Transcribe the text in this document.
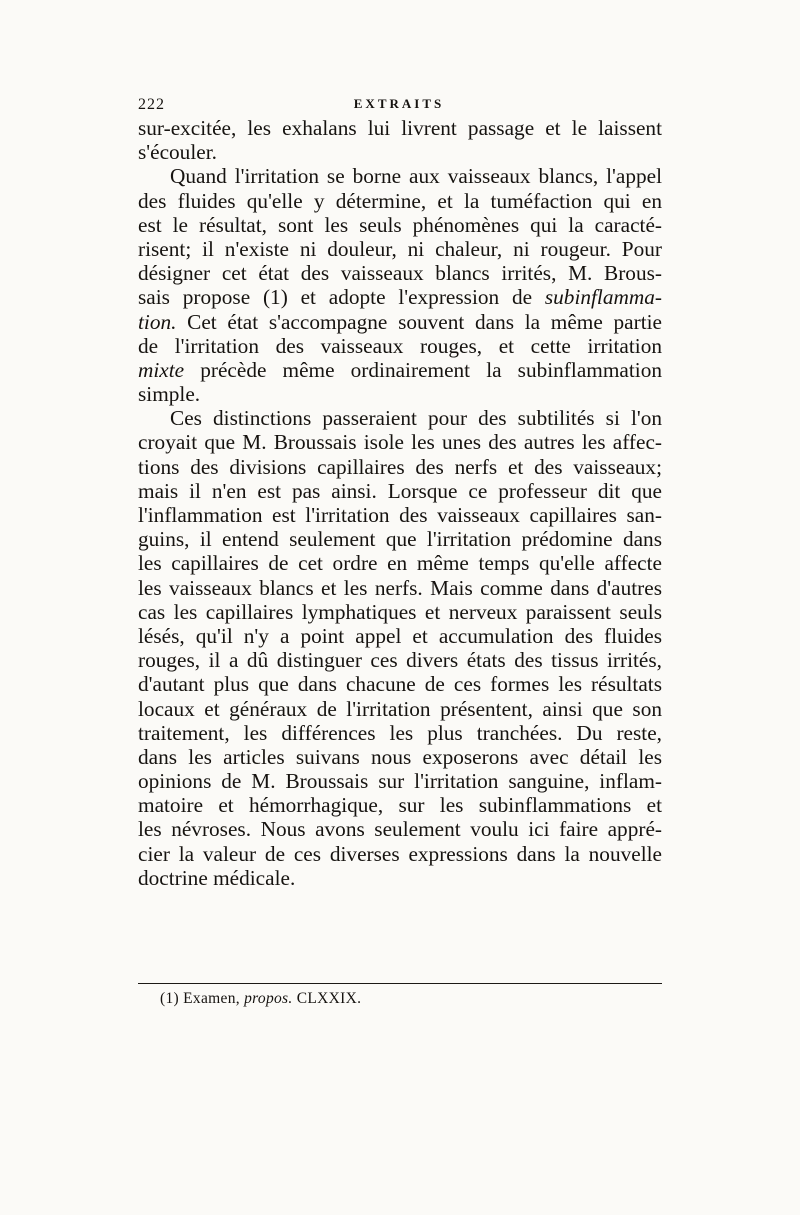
222	EXTRAITS
sur-excitée, les exhalans lui livrent passage et le laissent
s'écouler.
Quand l'irritation se borne aux vaisseaux blancs, l'appel
des fluides qu'elle y détermine, et la tuméfaction qui en
est le résultat, sont les seuls phénomènes qui la caracté-
risent; il n'existe ni douleur, ni chaleur, ni rougeur. Pour
désigner cet état des vaisseaux blancs irrités, M. Brous-
sais propose (1) et adopte l'expression de subinflamma-
tion. Cet état s'accompagne souvent dans la même partie
de l'irritation des vaisseaux rouges, et cette irritation
mixte précède même ordinairement la subinflammation
simple.
Ces distinctions passeraient pour des subtilités si l'on
croyait que M. Broussais isole les unes des autres les affec-
tions des divisions capillaires des nerfs et des vaisseaux;
mais il n'en est pas ainsi. Lorsque ce professeur dit que
l'inflammation est l'irritation des vaisseaux capillaires san-
guins, il entend seulement que l'irritation prédomine dans
les capillaires de cet ordre en même temps qu'elle affecte
les vaisseaux blancs et les nerfs. Mais comme dans d'autres
cas les capillaires lymphatiques et nerveux paraissent seuls
lésés, qu'il n'y a point appel et accumulation des fluides
rouges, il a dû distinguer ces divers états des tissus irrités,
d'autant plus que dans chacune de ces formes les résultats
locaux et généraux de l'irritation présentent, ainsi que son
traitement, les différences les plus tranchées. Du reste,
dans les articles suivans nous exposerons avec détail les
opinions de M. Broussais sur l'irritation sanguine, inflam-
matoire et hémorrhagique, sur les subinflammations et
les névroses. Nous avons seulement voulu ici faire appré-
cier la valeur de ces diverses expressions dans la nouvelle
doctrine médicale.
(1) Examen, propos. CLXXIX.
